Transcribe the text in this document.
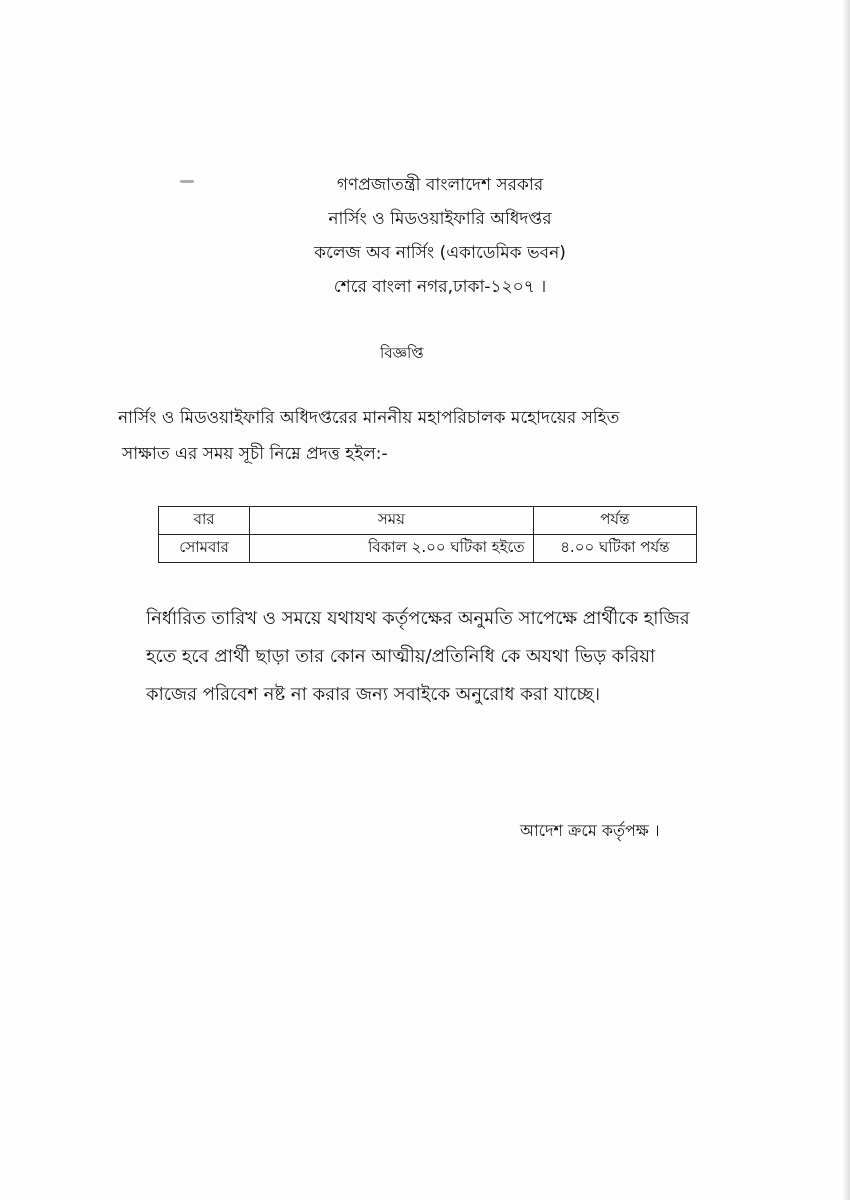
গণপ্রজাতন্ত্রী বাংলাদেশ সরকার
নার্সিং ও মিডওয়াইফারি অধিদপ্তর
কলেজ অব নার্সিং (একাডেমিক ভবন)
শেরে বাংলা নগর,ঢাকা-১২০৭ ।
বিজ্ঞপ্তি
নার্সিং ও মিডওয়াইফারি অধিদপ্তরের মাননীয় মহাপরিচালক মহোদয়ের সহিত
সাক্ষাত এর সময় সূচী নিম্নে প্রদত্ত হইল:-
বার	সময়	পর্যন্ত
সোমবার	বিকাল ২.০০ ঘটিকা হইতে	৪.০০ ঘটিকা পর্যন্ত
নির্ধারিত তারিখ ও সময়ে যথাযথ কর্তৃপক্ষের অনুমতি সাপেক্ষে প্রার্থীকে হাজির
হতে হবে প্রার্থী ছাড়া তার কোন আত্মীয়/প্রতিনিধি কে অযথা ভিড় করিয়া
কাজের পরিবেশ নষ্ট না করার জন্য সবাইকে অনুরোধ করা যাচ্ছে।
আদেশ ক্রমে কর্তৃপক্ষ ।
